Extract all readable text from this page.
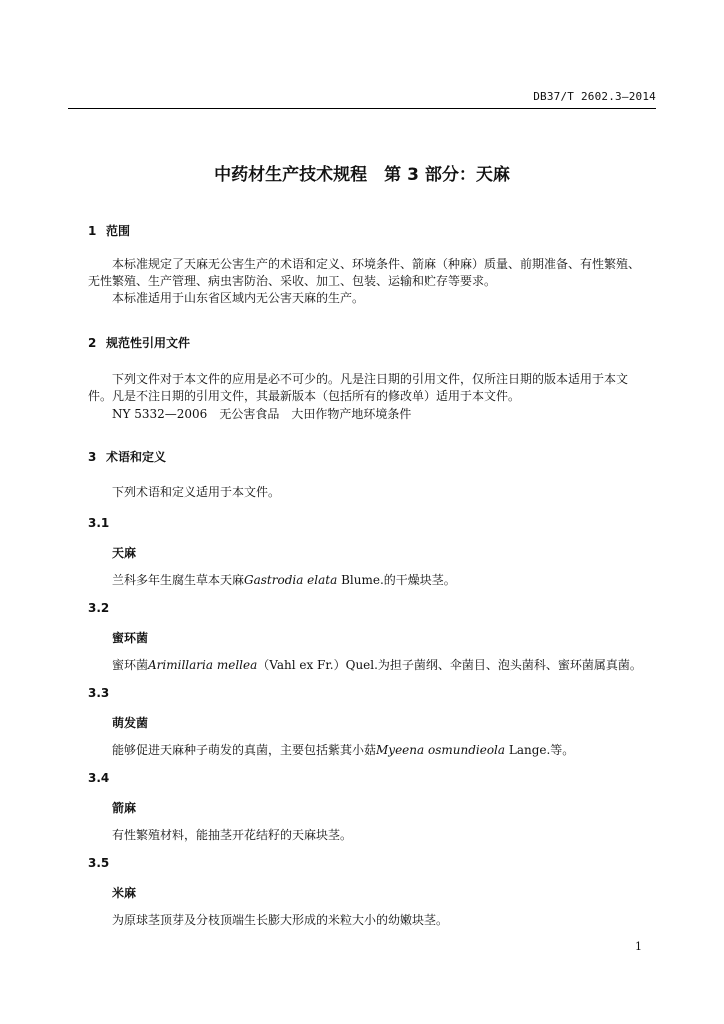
DB37/T 2602.3—2014
中药材生产技术规程　第 3 部分：天麻
1 范围
本标准规定了天麻无公害生产的术语和定义、环境条件、箭麻（种麻）质量、前期准备、有性繁殖、
无性繁殖、生产管理、病虫害防治、采收、加工、包装、运输和贮存等要求。
本标准适用于山东省区域内无公害天麻的生产。
2 规范性引用文件
下列文件对于本文件的应用是必不可少的。凡是注日期的引用文件，仅所注日期的版本适用于本文
件。凡是不注日期的引用文件，其最新版本（包括所有的修改单）适用于本文件。
NY 5332—2006　无公害食品　大田作物产地环境条件
3 术语和定义
下列术语和定义适用于本文件。
3.1
天麻
兰科多年生腐生草本天麻Gastrodia elata Blume.的干燥块茎。
3.2
蜜环菌
蜜环菌Arimillaria mellea（Vahl ex Fr.）Quel.为担子菌纲、伞菌目、泡头菌科、蜜环菌属真菌。
3.3
萌发菌
能够促进天麻种子萌发的真菌，主要包括紫萁小菇Myeena osmundieola Lange.等。
3.4
箭麻
有性繁殖材料，能抽茎开花结籽的天麻块茎。
3.5
米麻
为原球茎顶芽及分枝顶端生长膨大形成的米粒大小的幼嫩块茎。
1
